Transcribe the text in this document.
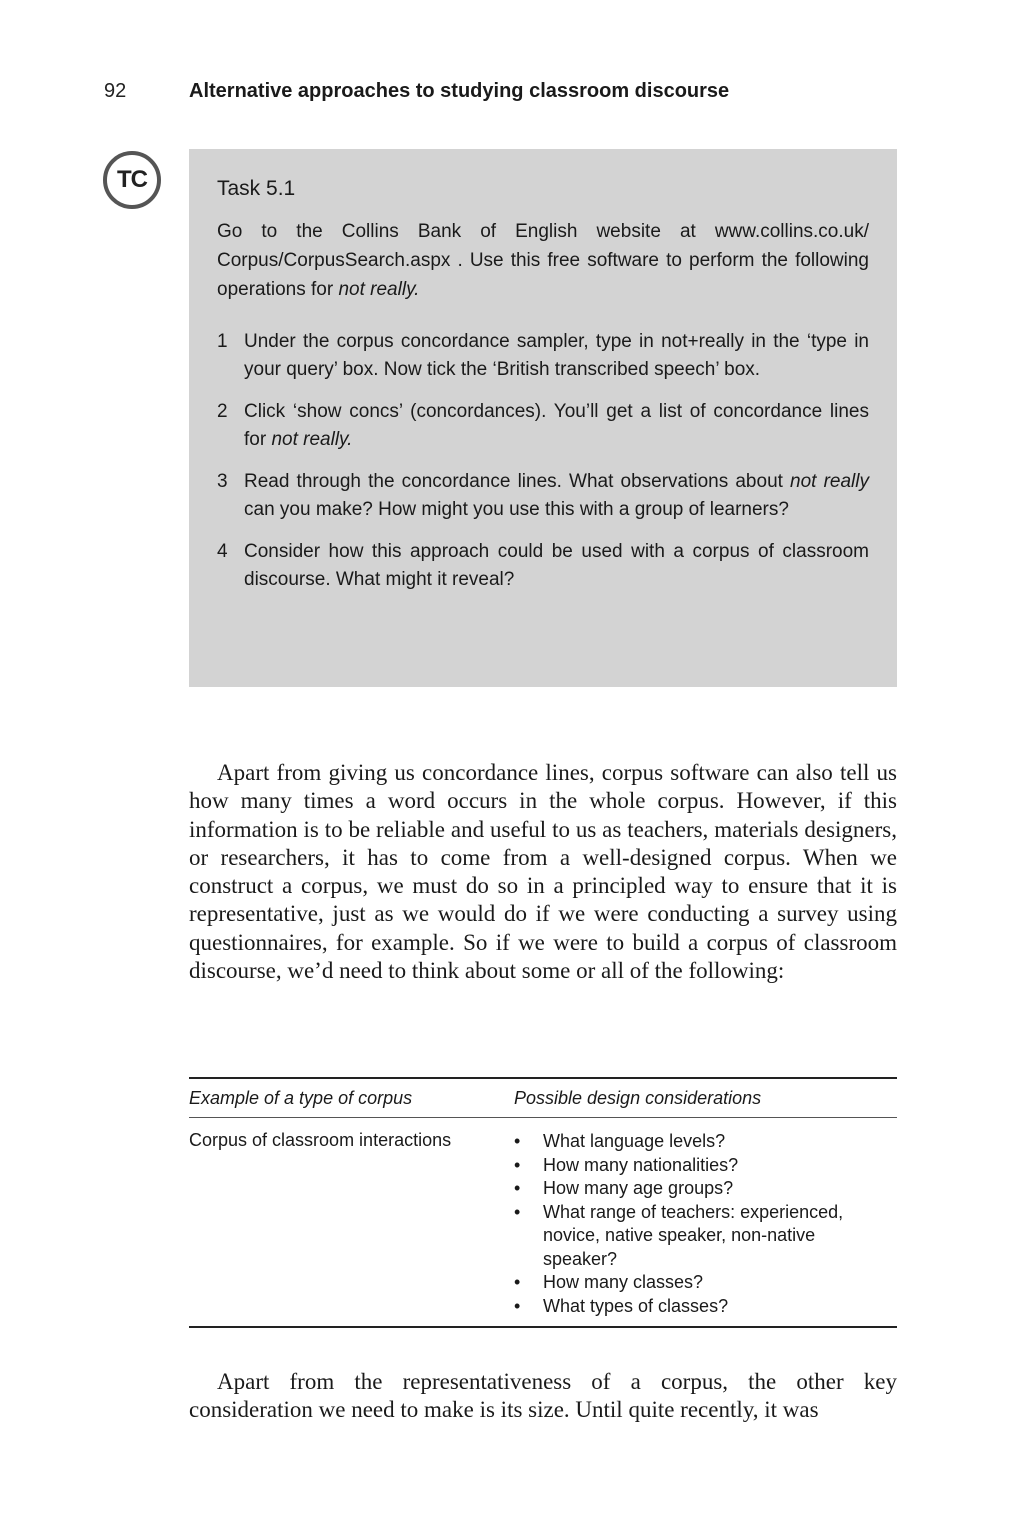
92	Alternative approaches to studying classroom discourse
TC	Task 5.1

Go to the Collins Bank of English website at www.collins.co.uk/ Corpus/CorpusSearch.aspx . Use this free software to perform the following operations for not really.

1 Under the corpus concordance sampler, type in not+really in the ‘type in your query’ box. Now tick the ‘British transcribed speech’ box.
2 Click ‘show concs’ (concordances). You’ll get a list of concordance lines for not really.
3 Read through the concordance lines. What observations about not really can you make? How might you use this with a group of learners?
4 Consider how this approach could be used with a corpus of classroom discourse. What might it reveal?

Apart from giving us concordance lines, corpus software can also tell us how many times a word occurs in the whole corpus. However, if this information is to be reliable and useful to us as teachers, materials designers, or researchers, it has to come from a well-designed corpus. When we construct a corpus, we must do so in a principled way to ensure that it is representative, just as we would do if we were conducting a survey using questionnaires, for example. So if we were to build a corpus of classroom discourse, we’d need to think about some or all of the following:

Example of a type of corpus	Possible design considerations
Corpus of classroom interactions	•	What language levels?
•	How many nationalities?
•	How many age groups?
•	What range of teachers: experienced, novice, native speaker, non-native speaker?
•	How many classes?
•	What types of classes?

Apart from the representativeness of a corpus, the other key consideration we need to make is its size. Until quite recently, it was
